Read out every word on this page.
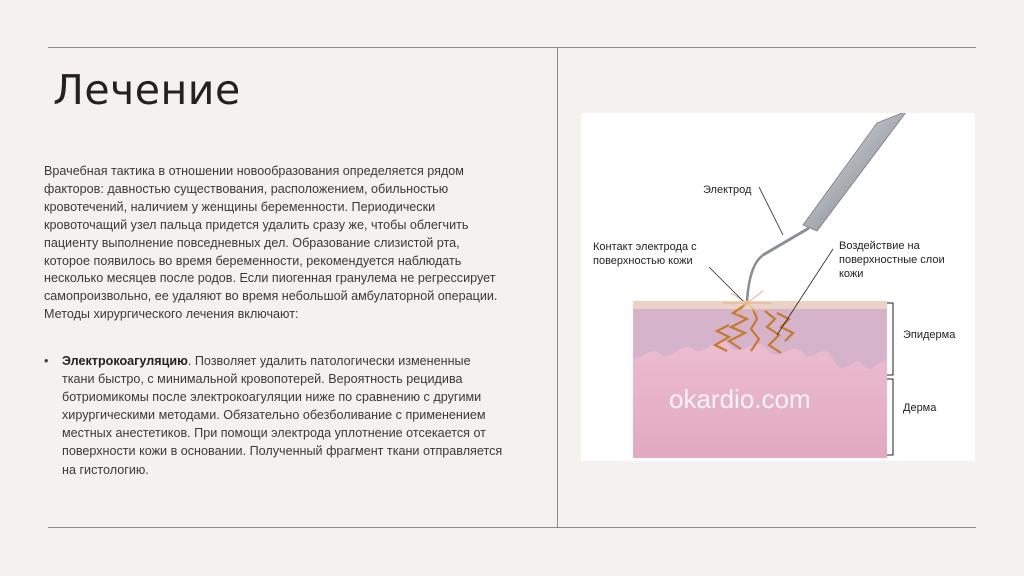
Лечение
Врачебная тактика в отношении новообразования определяется рядом факторов: давностью существования, расположением, обильностью кровотечений, наличием у женщины беременности. Периодически кровоточащий узел пальца придется удалить сразу же, чтобы облегчить пациенту выполнение повседневных дел. Образование слизистой рта, которое появилось во время беременности, рекомендуется наблюдать несколько месяцев после родов. Если пиогенная гранулема не регрессирует самопроизвольно, ее удаляют во время небольшой амбулаторной операции. Методы хирургического лечения включают:
• Электрокоагуляцию. Позволяет удалить патологически измененные ткани быстро, с минимальной кровопотерей. Вероятность рецидива ботриомикомы после электрокоагуляции ниже по сравнению с другими хирургическими методами. Обязательно обезболивание с применением местных анестетиков. При помощи электрода уплотнение отсекается от поверхности кожи в основании. Полученный фрагмент ткани отправляется на гистологию.
Электрод
Контакт электрода с
поверхностью кожи
Воздействие на
поверхностные слои
кожи
Эпидерма
Дерма
okardio.com
